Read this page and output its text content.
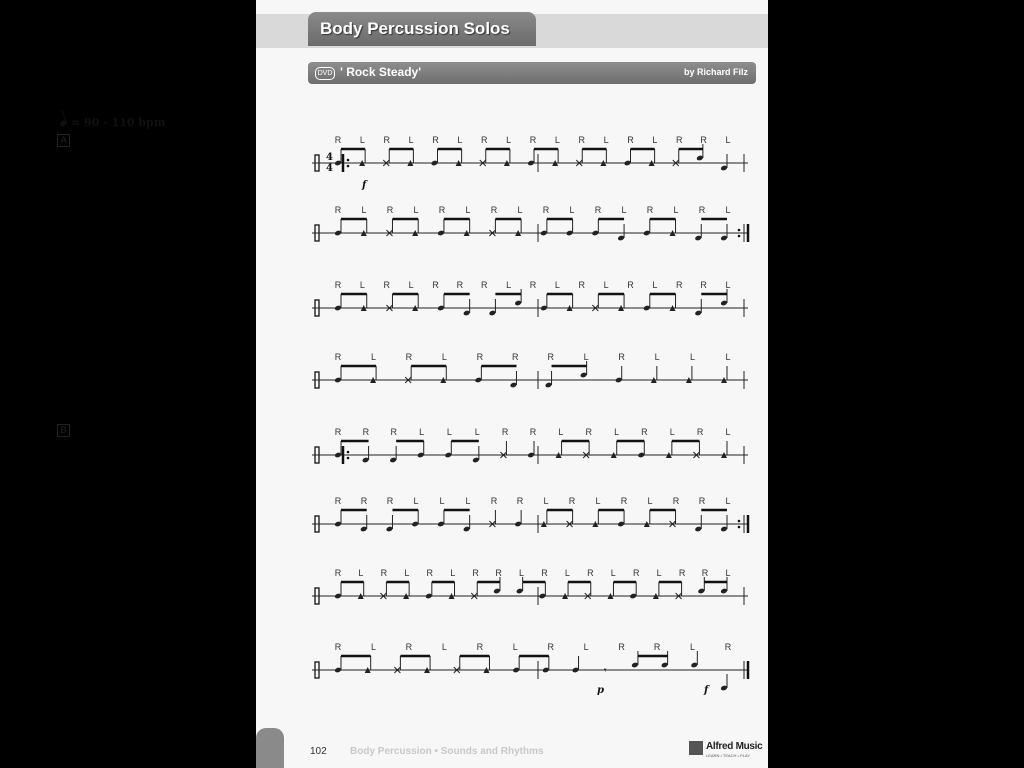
Body Percussion Solos
DVD ' Rock Steady'	by Richard Filz
= 90 - 110 bpm
A
B
4
4
R L R L R L R L R L R L R L R R L
R L R L R L R L R L R L R L R L
R L R L R R R L R L R L R L R R L
R	L	R	L	R	R	R	L	R	L	L	L
R R R L	L	L R R L R L R L R L
R R R L L L R R L R L R L R R L
R L R L R L R R L R L R L R L R R L
R	L	R	L	R	L	R	L	R	R	L	R
𝄾
f
p	f
102 Body Percussion • Sounds and Rhythms	Alfred Music
LEARN • TEACH • PLAY
